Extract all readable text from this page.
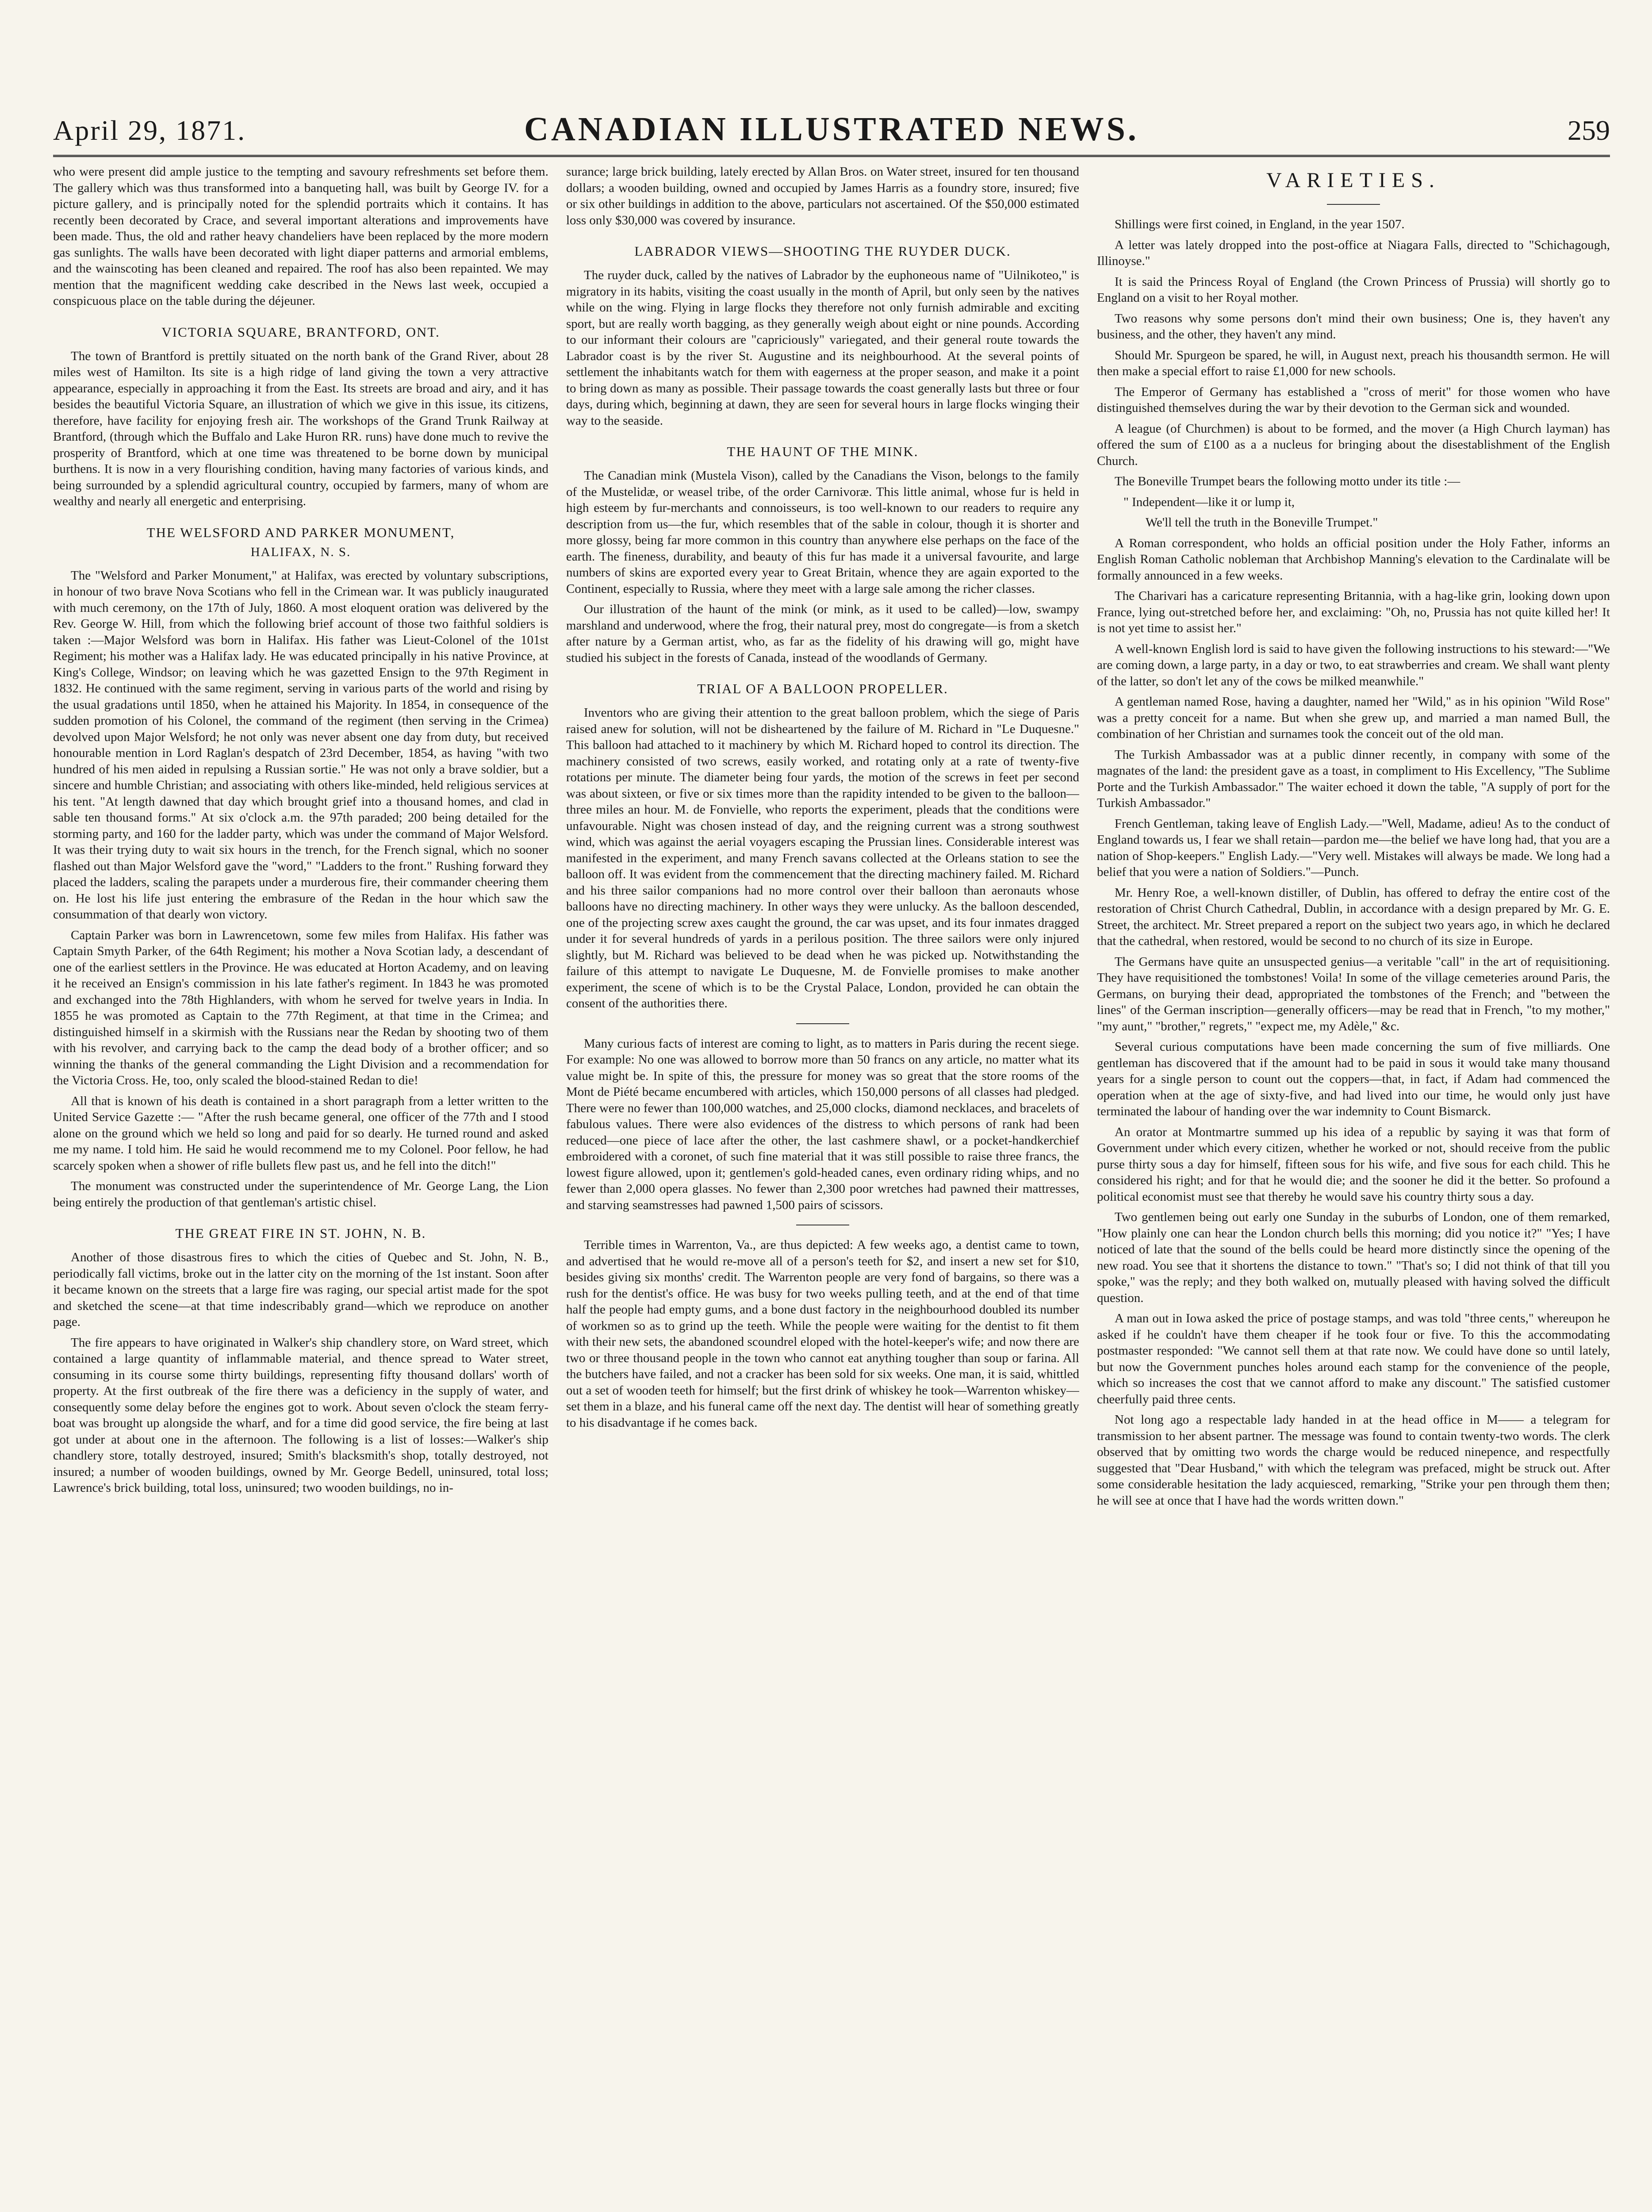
April 29, 1871.	CANADIAN ILLUSTRATED NEWS.	259

who were present did ample justice to the tempting and savoury refreshments set before them. The gallery which was thus transformed into a banqueting hall, was built by George IV. for a picture gallery, and is principally noted for the splendid portraits which it contains. It has recently been decorated by Crace, and several important alterations and improvements have been made. Thus, the old and rather heavy chandeliers have been replaced by the more modern gas sunlights. The walls have been decorated with light diaper patterns and armorial emblems, and the wainscoting has been cleaned and repaired. The roof has also been repainted. We may mention that the magnificent wedding cake described in the News last week, occupied a conspicuous place on the table during the déjeuner.

VICTORIA SQUARE, BRANTFORD, ONT.

The town of Brantford is prettily situated on the north bank of the Grand River, about 28 miles west of Hamilton. Its site is a high ridge of land giving the town a very attractive appearance, especially in approaching it from the East. Its streets are broad and airy, and it has besides the beautiful Victoria Square, an illustration of which we give in this issue, its citizens, therefore, have facility for enjoying fresh air. The workshops of the Grand Trunk Railway at Brantford, (through which the Buffalo and Lake Huron RR. runs) have done much to revive the prosperity of Brantford, which at one time was threatened to be borne down by municipal burthens. It is now in a very flourishing condition, having many factories of various kinds, and being surrounded by a splendid agricultural country, occupied by farmers, many of whom are wealthy and nearly all energetic and enterprising.

THE WELSFORD AND PARKER MONUMENT,
HALIFAX, N. S.

The "Welsford and Parker Monument," at Halifax, was erected by voluntary subscriptions, in honour of two brave Nova Scotians who fell in the Crimean war. It was publicly inaugurated with much ceremony, on the 17th of July, 1860. A most eloquent oration was delivered by the Rev. George W. Hill, from which the following brief account of those two faithful soldiers is taken :—Major Welsford was born in Halifax. His father was Lieut-Colonel of the 101st Regiment; his mother was a Halifax lady. He was educated principally in his native Province, at King's College, Windsor; on leaving which he was gazetted Ensign to the 97th Regiment in 1832. He continued with the same regiment, serving in various parts of the world and rising by the usual gradations until 1850, when he attained his Majority. In 1854, in consequence of the sudden promotion of his Colonel, the command of the regiment (then serving in the Crimea) devolved upon Major Welsford; he not only was never absent one day from duty, but received honourable mention in Lord Raglan's despatch of 23rd December, 1854, as having "with two hundred of his men aided in repulsing a Russian sortie." He was not only a brave soldier, but a sincere and humble Christian; and associating with others like-minded, held religious services at his tent. "At length dawned that day which brought grief into a thousand homes, and clad in sable ten thousand forms." At six o'clock a.m. the 97th paraded; 200 being detailed for the storming party, and 160 for the ladder party, which was under the command of Major Welsford. It was their trying duty to wait six hours in the trench, for the French signal, which no sooner flashed out than Major Welsford gave the "word," "Ladders to the front." Rushing forward they placed the ladders, scaling the parapets under a murderous fire, their commander cheering them on. He lost his life just entering the embrasure of the Redan in the hour which saw the consummation of that dearly won victory.

Captain Parker was born in Lawrencetown, some few miles from Halifax. His father was Captain Smyth Parker, of the 64th Regiment; his mother a Nova Scotian lady, a descendant of one of the earliest settlers in the Province. He was educated at Horton Academy, and on leaving it he received an Ensign's commission in his late father's regiment. In 1843 he was promoted and exchanged into the 78th Highlanders, with whom he served for twelve years in India. In 1855 he was promoted as Captain to the 77th Regiment, at that time in the Crimea; and distinguished himself in a skirmish with the Russians near the Redan by shooting two of them with his revolver, and carrying back to the camp the dead body of a brother officer; and so winning the thanks of the general commanding the Light Division and a recommendation for the Victoria Cross. He, too, only scaled the blood-stained Redan to die!

All that is known of his death is contained in a short paragraph from a letter written to the United Service Gazette :— "After the rush became general, one officer of the 77th and I stood alone on the ground which we held so long and paid for so dearly. He turned round and asked me my name. I told him. He said he would recommend me to my Colonel. Poor fellow, he had scarcely spoken when a shower of rifle bullets flew past us, and he fell into the ditch!"

The monument was constructed under the superintendence of Mr. George Lang, the Lion being entirely the production of that gentleman's artistic chisel.

THE GREAT FIRE IN ST. JOHN, N. B.

Another of those disastrous fires to which the cities of Quebec and St. John, N. B., periodically fall victims, broke out in the latter city on the morning of the 1st instant. Soon after it became known on the streets that a large fire was raging, our special artist made for the spot and sketched the scene—at that time indescribably grand—which we reproduce on another page.

The fire appears to have originated in Walker's ship chandlery store, on Ward street, which contained a large quantity of inflammable material, and thence spread to Water street, consuming in its course some thirty buildings, representing fifty thousand dollars' worth of property. At the first outbreak of the fire there was a deficiency in the supply of water, and consequently some delay before the engines got to work. About seven o'clock the steam ferry-boat was brought up alongside the wharf, and for a time did good service, the fire being at last got under at about one in the afternoon. The following is a list of losses:—Walker's ship chandlery store, totally destroyed, insured; Smith's blacksmith's shop, totally destroyed, not insured; a number of wooden buildings, owned by Mr. George Bedell, uninsured, total loss; Lawrence's brick building, total loss, uninsured; two wooden buildings, no in-

surance; large brick building, lately erected by Allan Bros. on Water street, insured for ten thousand dollars; a wooden building, owned and occupied by James Harris as a foundry store, insured; five or six other buildings in addition to the above, particulars not ascertained. Of the $50,000 estimated loss only $30,000 was covered by insurance.

LABRADOR VIEWS—SHOOTING THE RUYDER DUCK.

The ruyder duck, called by the natives of Labrador by the euphoneous name of "Uilnikoteo," is migratory in its habits, visiting the coast usually in the month of April, but only seen by the natives while on the wing. Flying in large flocks they therefore not only furnish admirable and exciting sport, but are really worth bagging, as they generally weigh about eight or nine pounds. According to our informant their colours are "capriciously" variegated, and their general route towards the Labrador coast is by the river St. Augustine and its neighbourhood. At the several points of settlement the inhabitants watch for them with eagerness at the proper season, and make it a point to bring down as many as possible. Their passage towards the coast generally lasts but three or four days, during which, beginning at dawn, they are seen for several hours in large flocks winging their way to the seaside.

THE HAUNT OF THE MINK.

The Canadian mink (Mustela Vison), called by the Canadians the Vison, belongs to the family of the Mustelidæ, or weasel tribe, of the order Carnivoræ. This little animal, whose fur is held in high esteem by fur-merchants and connoisseurs, is too well-known to our readers to require any description from us—the fur, which resembles that of the sable in colour, though it is shorter and more glossy, being far more common in this country than anywhere else perhaps on the face of the earth. The fineness, durability, and beauty of this fur has made it a universal favourite, and large numbers of skins are exported every year to Great Britain, whence they are again exported to the Continent, especially to Russia, where they meet with a large sale among the richer classes.

Our illustration of the haunt of the mink (or mink, as it used to be called)—low, swampy marshland and underwood, where the frog, their natural prey, most do congregate—is from a sketch after nature by a German artist, who, as far as the fidelity of his drawing will go, might have studied his subject in the forests of Canada, instead of the woodlands of Germany.

TRIAL OF A BALLOON PROPELLER.

Inventors who are giving their attention to the great balloon problem, which the siege of Paris raised anew for solution, will not be disheartened by the failure of M. Richard in "Le Duquesne." This balloon had attached to it machinery by which M. Richard hoped to control its direction. The machinery consisted of two screws, easily worked, and rotating only at a rate of twenty-five rotations per minute. The diameter being four yards, the motion of the screws in feet per second was about sixteen, or five or six times more than the rapidity intended to be given to the balloon—three miles an hour. M. de Fonvielle, who reports the experiment, pleads that the conditions were unfavourable. Night was chosen instead of day, and the reigning current was a strong southwest wind, which was against the aerial voyagers escaping the Prussian lines. Considerable interest was manifested in the experiment, and many French savans collected at the Orleans station to see the balloon off. It was evident from the commencement that the directing machinery failed. M. Richard and his three sailor companions had no more control over their balloon than aeronauts whose balloons have no directing machinery. In other ways they were unlucky. As the balloon descended, one of the projecting screw axes caught the ground, the car was upset, and its four inmates dragged under it for several hundreds of yards in a perilous position. The three sailors were only injured slightly, but M. Richard was believed to be dead when he was picked up. Notwithstanding the failure of this attempt to navigate Le Duquesne, M. de Fonvielle promises to make another experiment, the scene of which is to be the Crystal Palace, London, provided he can obtain the consent of the authorities there.

Many curious facts of interest are coming to light, as to matters in Paris during the recent siege. For example: No one was allowed to borrow more than 50 francs on any article, no matter what its value might be. In spite of this, the pressure for money was so great that the store rooms of the Mont de Piété became encumbered with articles, which 150,000 persons of all classes had pledged. There were no fewer than 100,000 watches, and 25,000 clocks, diamond necklaces, and bracelets of fabulous values. There were also evidences of the distress to which persons of rank had been reduced—one piece of lace after the other, the last cashmere shawl, or a pocket-handkerchief embroidered with a coronet, of such fine material that it was still possible to raise three francs, the lowest figure allowed, upon it; gentlemen's gold-headed canes, even ordinary riding whips, and no fewer than 2,000 opera glasses. No fewer than 2,300 poor wretches had pawned their mattresses, and starving seamstresses had pawned 1,500 pairs of scissors.

Terrible times in Warrenton, Va., are thus depicted: A few weeks ago, a dentist came to town, and advertised that he would re-move all of a person's teeth for $2, and insert a new set for $10, besides giving six months' credit. The Warrenton people are very fond of bargains, so there was a rush for the dentist's office. He was busy for two weeks pulling teeth, and at the end of that time half the people had empty gums, and a bone dust factory in the neighbourhood doubled its number of workmen so as to grind up the teeth. While the people were waiting for the dentist to fit them with their new sets, the abandoned scoundrel eloped with the hotel-keeper's wife; and now there are two or three thousand people in the town who cannot eat anything tougher than soup or farina. All the butchers have failed, and not a cracker has been sold for six weeks. One man, it is said, whittled out a set of wooden teeth for himself; but the first drink of whiskey he took—Warrenton whiskey—set them in a blaze, and his funeral came off the next day. The dentist will hear of something greatly to his disadvantage if he comes back.

VARIETIES.

Shillings were first coined, in England, in the year 1507.

A letter was lately dropped into the post-office at Niagara Falls, directed to "Schichagough, Illinoyse."

It is said the Princess Royal of England (the Crown Princess of Prussia) will shortly go to England on a visit to her Royal mother.

Two reasons why some persons don't mind their own business; One is, they haven't any business, and the other, they haven't any mind.

Should Mr. Spurgeon be spared, he will, in August next, preach his thousandth sermon. He will then make a special effort to raise £1,000 for new schools.

The Emperor of Germany has established a "cross of merit" for those women who have distinguished themselves during the war by their devotion to the German sick and wounded.

A league (of Churchmen) is about to be formed, and the mover (a High Church layman) has offered the sum of £100 as a a nucleus for bringing about the disestablishment of the English Church.

The Boneville Trumpet bears the following motto under its title :—

" Independent—like it or lump it,
We'll tell the truth in the Boneville Trumpet."

A Roman correspondent, who holds an official position under the Holy Father, informs an English Roman Catholic nobleman that Archbishop Manning's elevation to the Cardinalate will be formally announced in a few weeks.

The Charivari has a caricature representing Britannia, with a hag-like grin, looking down upon France, lying out-stretched before her, and exclaiming: "Oh, no, Prussia has not quite killed her! It is not yet time to assist her."

A well-known English lord is said to have given the following instructions to his steward:—"We are coming down, a large party, in a day or two, to eat strawberries and cream. We shall want plenty of the latter, so don't let any of the cows be milked meanwhile."

A gentleman named Rose, having a daughter, named her "Wild," as in his opinion "Wild Rose" was a pretty conceit for a name. But when she grew up, and married a man named Bull, the combination of her Christian and surnames took the conceit out of the old man.

The Turkish Ambassador was at a public dinner recently, in company with some of the magnates of the land: the president gave as a toast, in compliment to His Excellency, "The Sublime Porte and the Turkish Ambassador." The waiter echoed it down the table, "A supply of port for the Turkish Ambassador."

French Gentleman, taking leave of English Lady.—"Well, Madame, adieu! As to the conduct of England towards us, I fear we shall retain—pardon me—the belief we have long had, that you are a nation of Shop-keepers." English Lady.—"Very well. Mistakes will always be made. We long had a belief that you were a nation of Soldiers."—Punch.

Mr. Henry Roe, a well-known distiller, of Dublin, has offered to defray the entire cost of the restoration of Christ Church Cathedral, Dublin, in accordance with a design prepared by Mr. G. E. Street, the architect. Mr. Street prepared a report on the subject two years ago, in which he declared that the cathedral, when restored, would be second to no church of its size in Europe.

The Germans have quite an unsuspected genius—a veritable "call" in the art of requisitioning. They have requisitioned the tombstones! Voila! In some of the village cemeteries around Paris, the Germans, on burying their dead, appropriated the tombstones of the French; and "between the lines" of the German inscription—generally officers—may be read that in French, "to my mother," "my aunt," "brother," regrets," "expect me, my Adèle," &c.

Several curious computations have been made concerning the sum of five milliards. One gentleman has discovered that if the amount had to be paid in sous it would take many thousand years for a single person to count out the coppers—that, in fact, if Adam had commenced the operation when at the age of sixty-five, and had lived into our time, he would only just have terminated the labour of handing over the war indemnity to Count Bismarck.

An orator at Montmartre summed up his idea of a republic by saying it was that form of Government under which every citizen, whether he worked or not, should receive from the public purse thirty sous a day for himself, fifteen sous for his wife, and five sous for each child. This he considered his right; and for that he would die; and the sooner he did it the better. So profound a political economist must see that thereby he would save his country thirty sous a day.

Two gentlemen being out early one Sunday in the suburbs of London, one of them remarked, "How plainly one can hear the London church bells this morning; did you notice it?" "Yes; I have noticed of late that the sound of the bells could be heard more distinctly since the opening of the new road. You see that it shortens the distance to town." "That's so; I did not think of that till you spoke," was the reply; and they both walked on, mutually pleased with having solved the difficult question.

A man out in Iowa asked the price of postage stamps, and was told "three cents," whereupon he asked if he couldn't have them cheaper if he took four or five. To this the accommodating postmaster responded: "We cannot sell them at that rate now. We could have done so until lately, but now the Government punches holes around each stamp for the convenience of the people, which so increases the cost that we cannot afford to make any discount." The satisfied customer cheerfully paid three cents.

Not long ago a respectable lady handed in at the head office in M—— a telegram for transmission to her absent partner. The message was found to contain twenty-two words. The clerk observed that by omitting two words the charge would be reduced ninepence, and respectfully suggested that "Dear Husband," with which the telegram was prefaced, might be struck out. After some considerable hesitation the lady acquiesced, remarking, "Strike your pen through them then; he will see at once that I have had the words written down."
